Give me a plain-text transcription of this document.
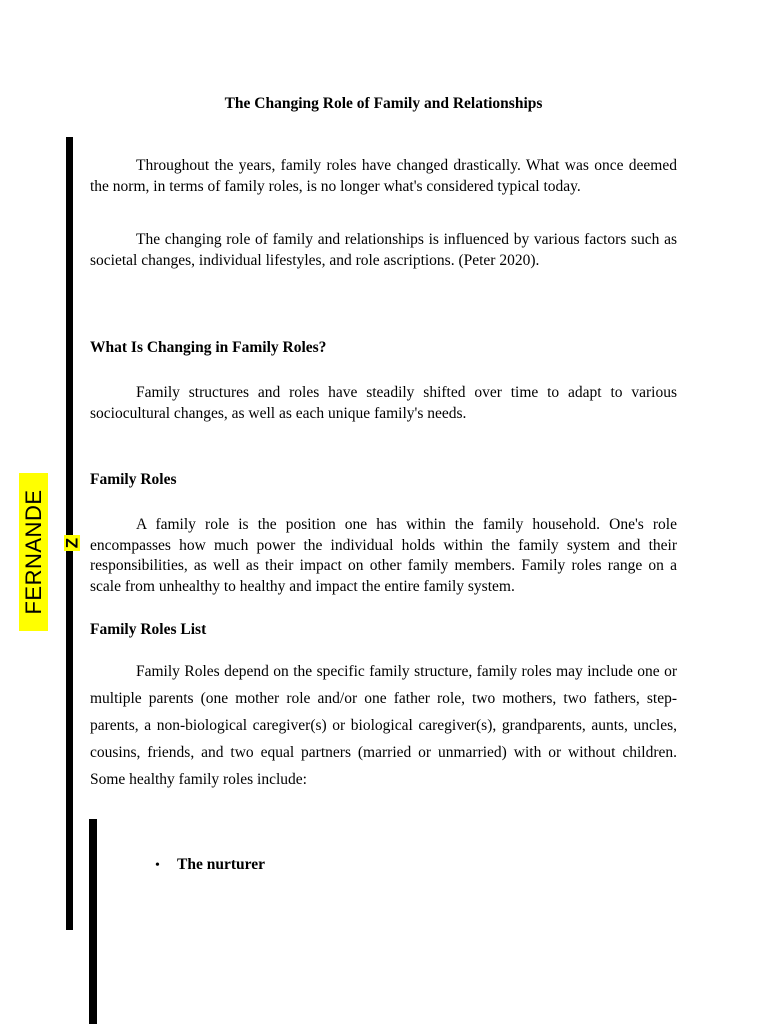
FERNANDE Z
The Changing Role of Family and Relationships

Throughout the years, family roles have changed drastically. What was once deemed the norm, in terms of family roles, is no longer what's considered typical today.

The changing role of family and relationships is influenced by various factors such as societal changes, individual lifestyles, and role ascriptions. (Peter 2020).

What Is Changing in Family Roles?

Family structures and roles have steadily shifted over time to adapt to various sociocultural changes, as well as each unique family's needs.

Family Roles

A family role is the position one has within the family household. One's role encompasses how much power the individual holds within the family system and their responsibilities, as well as their impact on other family members. Family roles range on a scale from unhealthy to healthy and impact the entire family system.

Family Roles List

Family Roles depend on the specific family structure, family roles may include one or multiple parents (one mother role and/or one father role, two mothers, two fathers, step-parents, a non-biological caregiver(s) or biological caregiver(s), grandparents, aunts, uncles, cousins, friends, and two equal partners (married or unmarried) with or without children. Some healthy family roles include:

• The nurturer
